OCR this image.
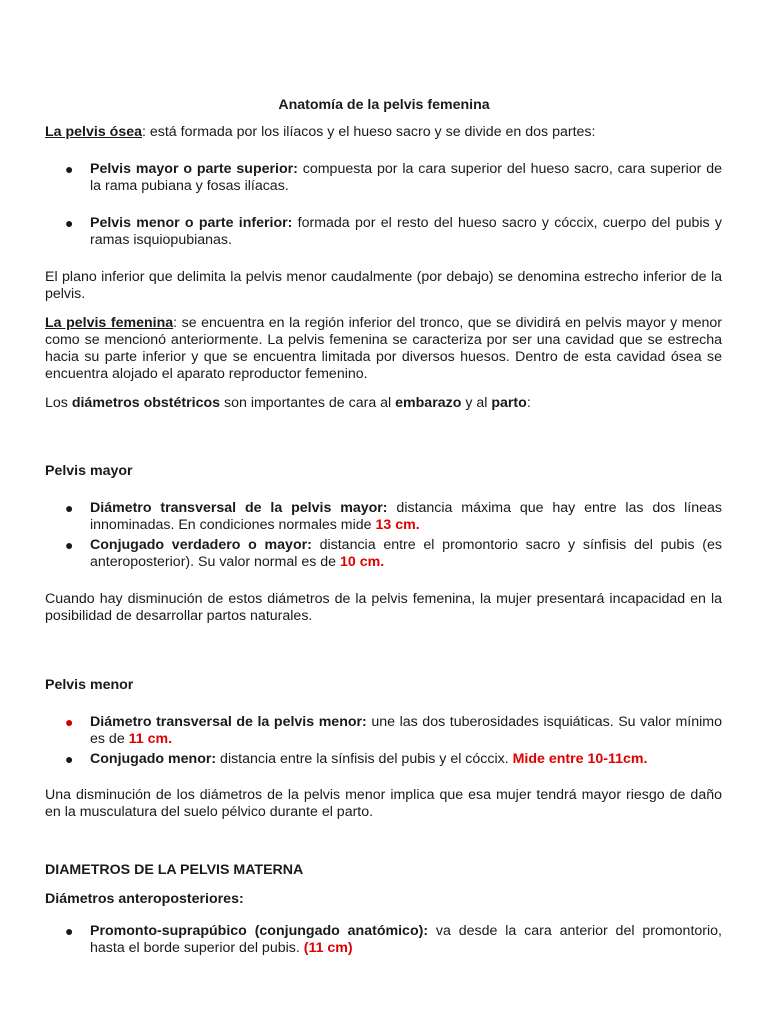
Anatomía de la pelvis femenina

La pelvis ósea: está formada por los ilíacos y el hueso sacro y se divide en dos partes:

● Pelvis mayor o parte superior: compuesta por la cara superior del hueso sacro, cara superior de la rama pubiana y fosas ilíacas.

● Pelvis menor o parte inferior: formada por el resto del hueso sacro y cóccix, cuerpo del pubis y ramas isquiopubianas.

El plano inferior que delimita la pelvis menor caudalmente (por debajo) se denomina estrecho inferior de la pelvis.

La pelvis femenina: se encuentra en la región inferior del tronco, que se dividirá en pelvis mayor y menor como se mencionó anteriormente. La pelvis femenina se caracteriza por ser una cavidad que se estrecha hacia su parte inferior y que se encuentra limitada por diversos huesos. Dentro de esta cavidad ósea se encuentra alojado el aparato reproductor femenino.

Los diámetros obstétricos son importantes de cara al embarazo y al parto:

Pelvis mayor

● Diámetro transversal de la pelvis mayor: distancia máxima que hay entre las dos líneas innominadas. En condiciones normales mide 13 cm.

● Conjugado verdadero o mayor: distancia entre el promontorio sacro y sínfisis del pubis (es anteroposterior). Su valor normal es de 10 cm.

Cuando hay disminución de estos diámetros de la pelvis femenina, la mujer presentará incapacidad en la posibilidad de desarrollar partos naturales.

Pelvis menor

● Diámetro transversal de la pelvis menor: une las dos tuberosidades isquiáticas. Su valor mínimo es de 11 cm.

● Conjugado menor: distancia entre la sínfisis del pubis y el cóccix. Mide entre 10-11cm.

Una disminución de los diámetros de la pelvis menor implica que esa mujer tendrá mayor riesgo de daño en la musculatura del suelo pélvico durante el parto.

DIAMETROS DE LA PELVIS MATERNA

Diámetros anteroposteriores:

● Promonto-suprapúbico (conjungado anatómico): va desde la cara anterior del promontorio, hasta el borde superior del pubis. (11 cm)
